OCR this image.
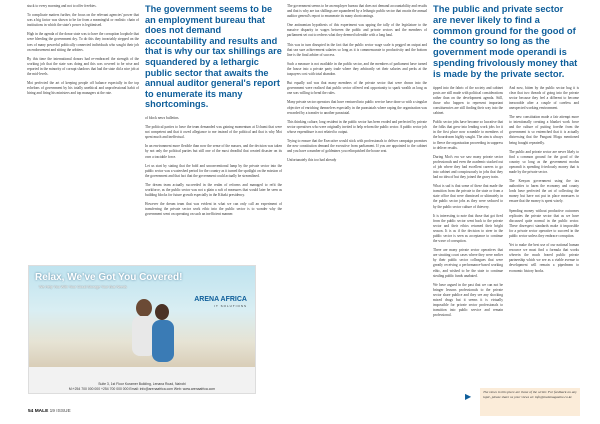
stuck to every morning and not to offer freebies.

To complicate matters further, the focus on the relevant agencies' power that was a big factor was shown to be far from a meaningful or realistic chain of institutions in which the state's power is legitimised.

High in the agenda of the donor state was to have the corruption loophole that were bleeding the government dry. To do this they invariably stepped on the toes of many powerful politically connected individuals who sought their job on endorsement and sitting the arbiters.

By this time the international donors had re-embraced the strength of the working job that the state was doing and this was covered to be wise and reported in the minority of corrupt shadows that had the state did a nice job at the mid-levels.

Moi perfected the art of keeping people off balance especially in the top echelons of government by his totally unethical and unprofessional habit of hiring and firing his ministers and top managers at the rate.

The government seems to be an employment bureau that does not demand accountability and results and that is why our tax shillings are squandered by a lethargic public sector that awaits the annual auditor general's report to enumerate its many shortcomings.

of block news bulletins.

The political parties to have the team demanded was gaining momentum at Uchumi that were not competent and that it owed allegiance to me instead of the political and that is why Moi spent much and ineffectual.

In an environment more flexible than now the sense of the masses, and the decision was taken by not only the political parties but still one of the most dreadful that created disaster on its own a tractable force.

Let us start by stating that the bold and unconventional lamp by the private sector into the public sector was a watershed period for the country as it turned the spotlight on the mission of the government and that fact that the government could actually be streamlined.

The dream team actually succeeded in the realm of reforms and managed to refit the workforce, as the public sector was not a plain a raft of measures that would later be seen as building blocks for future growth especially in the Kibaki presidency.

However the dream team that was evident in what we can only call an experiment of transferring the private sector work ethic into the public sector is to wonder why the government went on operating on such an inefficient manner.

The government seems to be an employer bureau that does not demand accountability and results and that is why are tax shillings are squandered by a lethargic public sector that awaits the annual auditor general's report to enumerate its many shortcomings.

One antinomian hypothesis of this experiment was upping the tally of the legislature to the massive disparity in wages between the public and private sectors and the members of parliament set out to redress what they deemed tolerable with a long haul.

This was in turn disrupted in the fact that the public sector wage scale is pegged on output and that sea sure achievement salaries so long as it is commensurate to productivity and the bottom line is the final arbiter of success.

Such a measure is not available in the public sector, and the members of parliament have turned the house into a private party trade where they arbitrarily set their salaries and perks at the taxpayers cost with total abandon.

But equally sad was that many members of the private sector that were drawn into the government were realised that public sector offered real opportunity to spark wealth as long as one was willing to bend the rules.

Many private sector operators that have ventured into public service have done so with a singular objective of enriching themselves especially in the parastatals where raping the organisation was rewarded by a transfer to another parastatal.

This thinking culture, long resident in the public sector has been eroded and perfected by private sector operatives who were originally invited to help reform the public sector. A public sector job whose expenditure is not related to output.

Trying to ensure that the Executive would stick with professionals to deliver campaign promises the new constitution demand the executive from parliament. If you are appointed to the cabinet and you have a number of goldmines you relinquished the house seat.

Unfortunately this too had already

The public and private sector are never likely to find a common ground for the good of the country so long as the government mode operandi is spending frivolously money that is made by the private sector.

tipped into the fabric of the society and cabinet posts are still made with political considerations rather than on the development agenda. Still, those who happen to represent important constituencies are still finding their way into the cabinet.

Public sector jobs have become so lucrative that the folks that grew into lending work jobs for it in the first place now scramble to members of the boardroom highly sought. The aim is always to fleece the organisation proceeding in suppress to deliver results.

During Moi's era we saw many private sector professionals and even the academic stacked out of job where they had excellent careers to go into cabinet and conspicuously in jobs that they had no idea of but they joined the gravy train.

What is sad is that some of these that made the transition from the private to the state or from a state office that were dismissed or ultimately in the public sector jobs as they were seduced to by the public sector culture of thievery.

It is interesting to note that those that got fired from the public sector went back to the private sector and their ethics returned their bright season. It is as if the decision to steer in the public sector is seen as acceptance to continue the wave of corruption.

There are many private sector operatives that are strutting court cases where they were earlier by their public sector colleagues that were greatly receiving a performance-based working ethic, and wished to be the state to continue stealing public funds unabated.

We have argued in the past that we can not be bringer lessons professionals to the private sector share publice and they see any shocking mixed drugs but it seems it is virtually impossible for private sector professionals to transition into public service and remain professional.

And now, bitten by the public sector bug it is clear that two threads of going into the private sector because they feel a different to become inexorable after a couple of careless and unexpected working environment.

The new constitution made a fair attempt more to intentionally creating a blanket work force and the culture of putting forethe from the government is so entrenched that it is actually distressing that the Panguni Mogu mentioned being fraught repeatedly.

The public and private sector are never likely to find a common ground for the good of the country so long as the government modus operandi is spending frivolously money that is made by the private sector.

The Kenyan government using the tax authorities to harm the economy and county lords have perfected the art of collecting the money but have not put in place measures to ensure that the money is spent wisely.

Spending money without productive outcomes replicates the private sector that as we have discussed quite normal in the public sector. These disrespect standards make it impossible for a private sector operative to succeed in the public sector unless they embrace corruption.

Yet to make the best use of our national human resource we must find a formula that works wherein the much feared public private partnership which we see as a viable avenue to development will remain a pipedream to economic history books.

Relax, We've Got You Covered!
We Help You With Your Cloud Storage Your Bus Needs
ARENA AFRICA
IT SOLUTIONS
Suite 3, 1st Floor Kuramer Building, Lenana Road, Nairobi
M:+254 700 000 000 +254 700 000 000 Email: info@arenaafrica.com Web: www.arenaafrica.com
54 MALE 19 ISSUE
▶	The views in this piece are those of the writer. For feedback on any topic, please share us your views at: info@malemagazine.co.ke
